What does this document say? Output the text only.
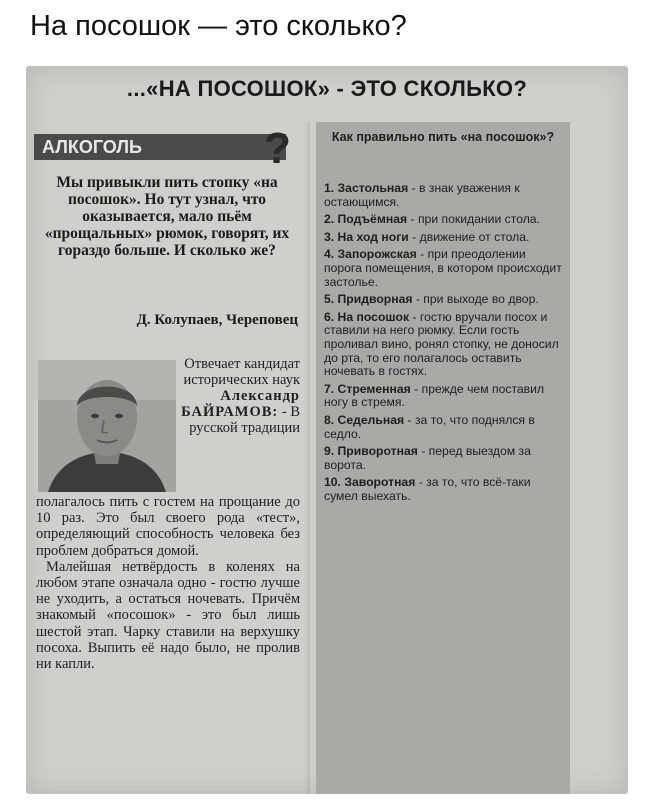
На посошок — это сколько?
...«НА ПОСОШОК» - ЭТО СКОЛЬКО?
АЛКОГОЛЬ	?
Мы привыкли пить стопку «на посошок». Но тут узнал, что оказывается, мало пьём «прощальных» рюмок, говорят, их гораздо больше. И сколько же?
Д. Колупаев, Череповец
Отвечает кандидат исторических наук Александр БАЙРАМОВ: - В русской традиции

полагалось пить с гостем на прощание до 10 раз. Это был своего рода «тест», определяющий способность человека без проблем добраться домой.

Малейшая нетвёрдость в коленях на любом этапе означала одно - гостю лучше не уходить, а остаться ночевать. Причём знакомый «посошок» - это был лишь шестой этап. Чарку ставили на верхушку посоха. Выпить её надо было, не пролив ни капли.

Как правильно пить «на посошок»?
1. Застольная - в знак уважения к остающимся.
2. Подъёмная - при покидании стола.
3. На ход ноги - движение от стола.
4. Запорожская - при преодолении порога помещения, в котором происходит застолье.
5. Придворная - при выходе во двор.
6. На посошок - гостю вручали посох и ставили на него рюмку. Если гость проливал вино, ронял стопку, не доносил до рта, то его полагалось оставить ночевать в гостях.
7. Стременная - прежде чем поставил ногу в стремя.
8. Седельная - за то, что поднялся в седло.
9. Приворотная - перед выездом за ворота.
10. Заворотная - за то, что всё-таки сумел выехать.
